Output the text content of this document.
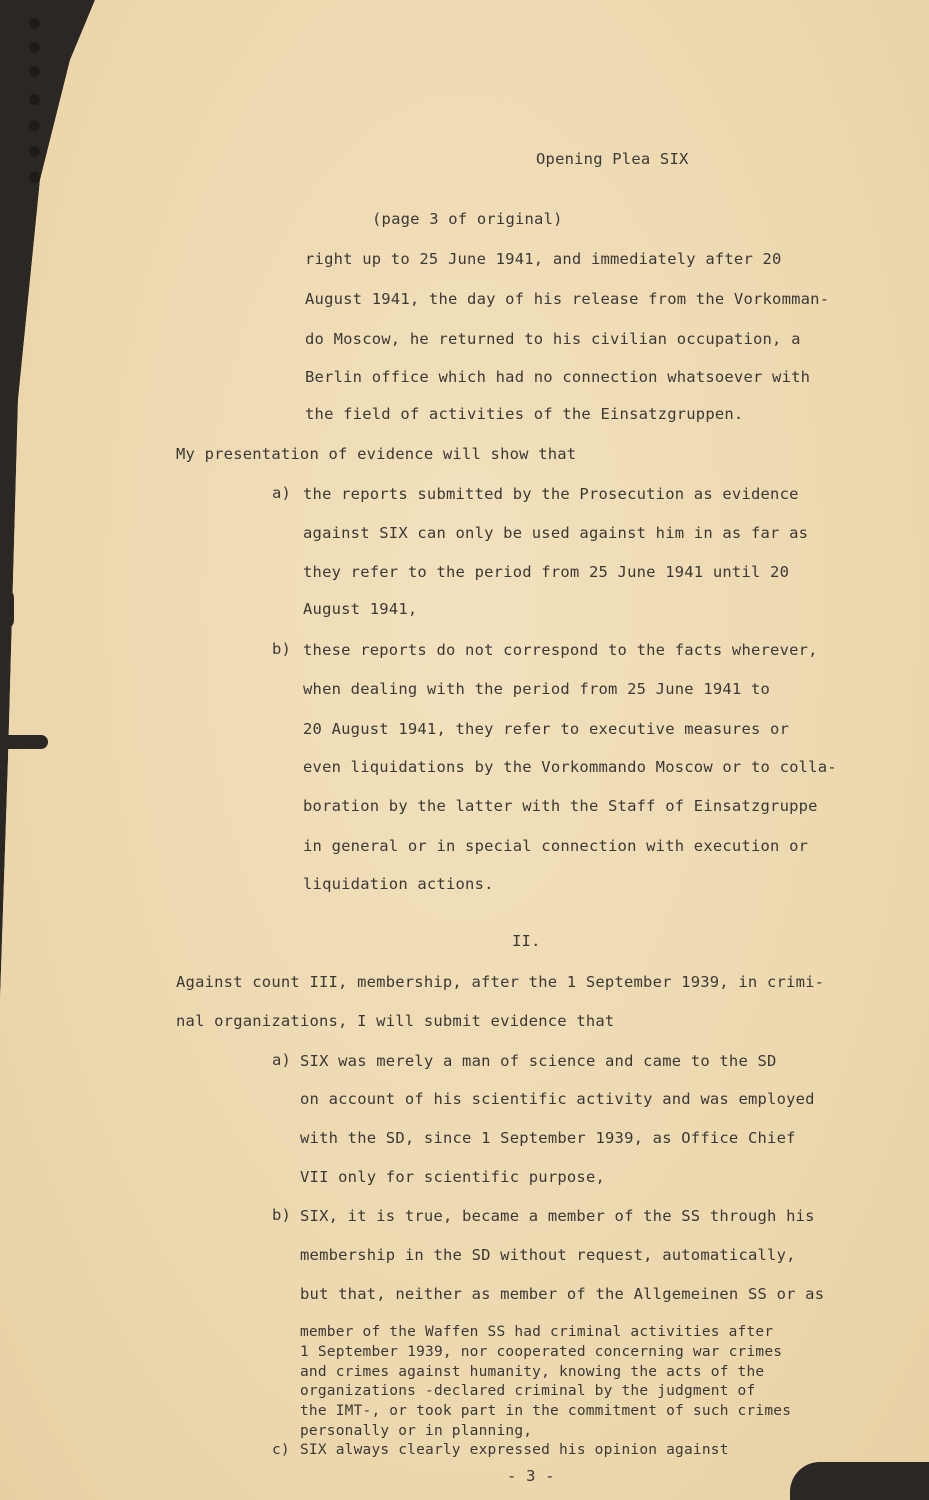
Opening Plea SIX

(page 3 of original)

right up to 25 June 1941, and immediately after 20

August 1941, the day of his release from the Vorkomman-

do Moscow, he returned to his civilian occupation, a

Berlin office which had no connection whatsoever with

the field of activities of the Einsatzgruppen.

My presentation of evidence will show that

a) the reports submitted by the Prosecution as evidence

against SIX can only be used against him in as far as

they refer to the period from 25 June 1941 until 20

August 1941,

b) these reports do not correspond to the facts wherever,

when dealing with the period from 25 June 1941 to

20 August 1941, they refer to executive measures or

even liquidations by the Vorkommando Moscow or to colla-

boration by the latter with the Staff of Einsatzgruppe

in general or in special connection with execution or

liquidation actions.

II.

Against count III, membership, after the 1 September 1939, in crimi-

nal organizations, I will submit evidence that

a) SIX was merely a man of science and came to the SD

on account of his scientific activity and was employed

with the SD, since 1 September 1939, as Office Chief

VII only for scientific purpose,

b) SIX, it is true, became a member of the SS through his

membership in the SD without request, automatically,

but that, neither as member of the Allgemeinen SS or as

member of the Waffen SS had criminal activities after

1 September 1939, nor cooperated concerning war crimes

and crimes against humanity, knowing the acts of the

organizations -declared criminal by the judgment of

the IMT-, or took part in the commitment of such crimes

personally or in planning,

c) SIX always clearly expressed his opinion against

- 3 -
